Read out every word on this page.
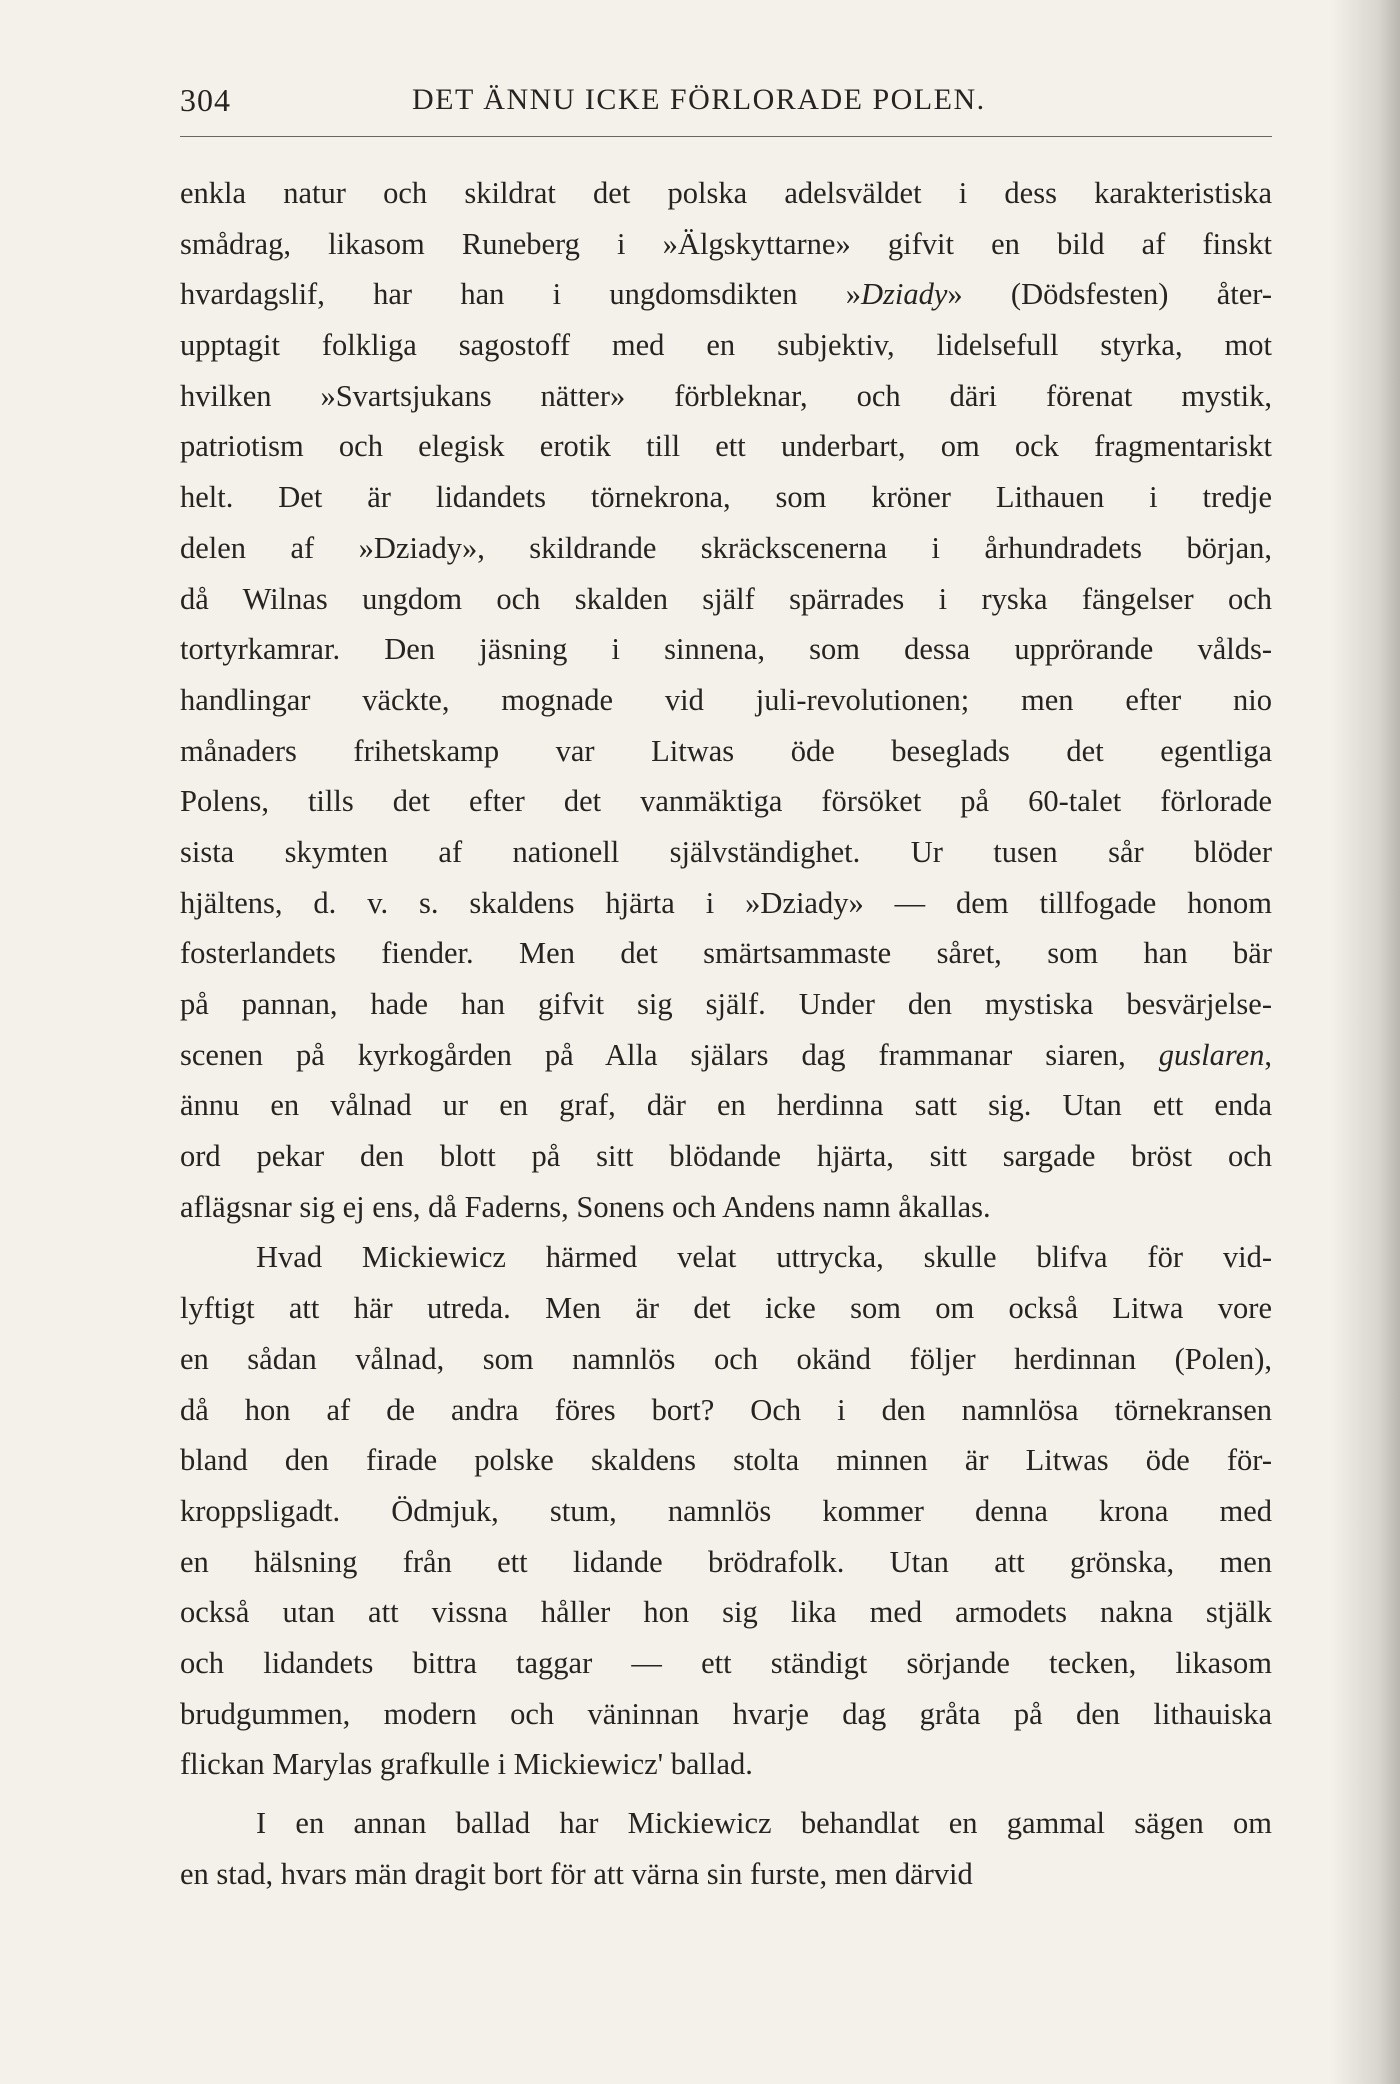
304	DET ÄNNU ICKE FÖRLORADE POLEN.
enkla natur och skildrat det polska adelsväldet i dess karakteristiska
smådrag, likasom Runeberg i »Älgskyttarne» gifvit en bild af finskt
hvardagslif, har han i ungdomsdikten »Dziady» (Dödsfesten) åter-
upptagit folkliga sagostoff med en subjektiv, lidelsefull styrka, mot
hvilken »Svartsjukans nätter» förbleknar, och däri förenat mystik,
patriotism och elegisk erotik till ett underbart, om ock fragmentariskt
helt. Det är lidandets törnekrona, som kröner Lithauen i tredje
delen af »Dziady», skildrande skräckscenerna i århundradets början,
då Wilnas ungdom och skalden själf spärrades i ryska fängelser och
tortyrkamrar. Den jäsning i sinnena, som dessa upprörande vålds-
handlingar väckte, mognade vid juli-revolutionen; men efter nio
månaders frihetskamp var Litwas öde beseglads det egentliga
Polens, tills det efter det vanmäktiga försöket på 60-talet förlorade
sista skymten af nationell självständighet. Ur tusen sår blöder
hjältens, d. v. s. skaldens hjärta i »Dziady» — dem tillfogade honom
fosterlandets fiender. Men det smärtsammaste såret, som han bär
på pannan, hade han gifvit sig själf. Under den mystiska besvärjelse-
scenen på kyrkogården på Alla själars dag frammanar siaren, guslaren,
ännu en vålnad ur en graf, där en herdinna satt sig. Utan ett enda
ord pekar den blott på sitt blödande hjärta, sitt sargade bröst och
aflägsnar sig ej ens, då Faderns, Sonens och Andens namn åkallas.
Hvad Mickiewicz härmed velat uttrycka, skulle blifva för vid-
lyftigt att här utreda. Men är det icke som om också Litwa vore
en sådan vålnad, som namnlös och okänd följer herdinnan (Polen),
då hon af de andra föres bort? Och i den namnlösa törnekransen
bland den firade polske skaldens stolta minnen är Litwas öde för-
kroppsligadt. Ödmjuk, stum, namnlös kommer denna krona med
en hälsning från ett lidande brödrafolk. Utan att grönska, men
också utan att vissna håller hon sig lika med armodets nakna stjälk
och lidandets bittra taggar — ett ständigt sörjande tecken, likasom
brudgummen, modern och väninnan hvarje dag gråta på den lithauiska
flickan Marylas grafkulle i Mickiewicz' ballad.
I en annan ballad har Mickiewicz behandlat en gammal sägen om
en stad, hvars män dragit bort för att värna sin furste, men därvid
